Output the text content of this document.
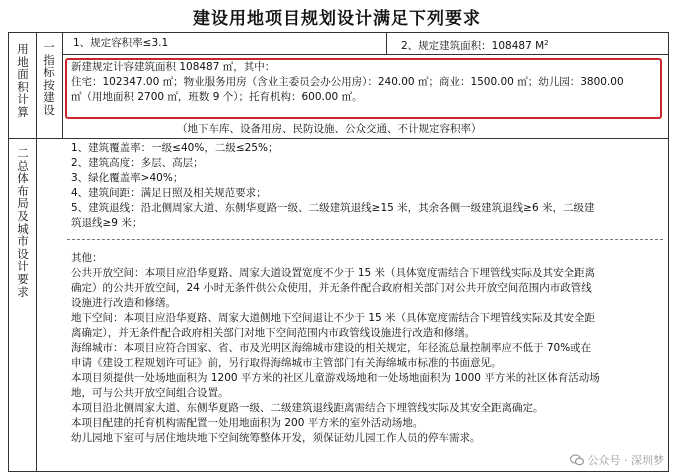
建设用地项目规划设计满足下列要求
用地面积计算
一指标按建设
1、规定容积率≤3.1	2、规定建筑面积：108487 $M^2$
新建规定计容建筑面积 108487 ㎡，其中：
住宅：102347.00 ㎡；物业服务用房（含业主委员会办公用房）：240.00 ㎡；商业：1500.00 ㎡；幼儿园：3800.00
㎡（用地面积 2700 ㎡，班数 9 个）；托育机构：600.00 ㎡。
（地下车库、设备用房、民防设施、公众交通、不计规定容积率）
二总体布局及城市设计要求
1、建筑覆盖率：一级≤40%，二级≤25%；
2、建筑高度：多层、高层；
3、绿化覆盖率>40%；
4、建筑间距：满足日照及相关规范要求；
5、建筑退线：沿北侧周家大道、东侧华夏路一级、二级建筑退线≥15 米，其余各侧一级建筑退线≥6 米，二级建
筑退线≥9 米；
其他：
公共开放空间：本项目应沿华夏路、周家大道设置宽度不少于 15 米（具体宽度需结合下埋管线实际及其安全距离
确定）的公共开放空间，24 小时无条件供公众使用，并无条件配合政府相关部门对公共开放空间范围内市政管线
设施进行改造和修缮。
地下空间：本项目应沿华夏路、周家大道侧地下空间退让不少于 15 米（具体宽度需结合下埋管线实际及其安全距
离确定），并无条件配合政府相关部门对地下空间范围内市政管线设施进行改造和修缮。
海绵城市：本项目应符合国家、省、市及光明区海绵城市建设的相关规定，年径流总量控制率应不低于 70%或在
申请《建设工程规划许可证》前，另行取得海绵城市主管部门有关海绵城市标准的书面意见。
本项目须提供一处场地面积为 1200 平方米的社区儿童游戏场地和一处场地面积为 1000 平方米的社区体育活动场
地，可与公共开放空间组合设置。
本项目沿北侧周家大道、东侧华夏路一级、二级建筑退线距离需结合下埋管线实际及其安全距离确定。
本项目配建的托育机构需配置一处用地面积为 200 平方米的室外活动场地。
幼儿园地下室可与居住地块地下空间统筹整体开发，须保证幼儿园工作人员的停车需求。
公众号 · 深圳梦
